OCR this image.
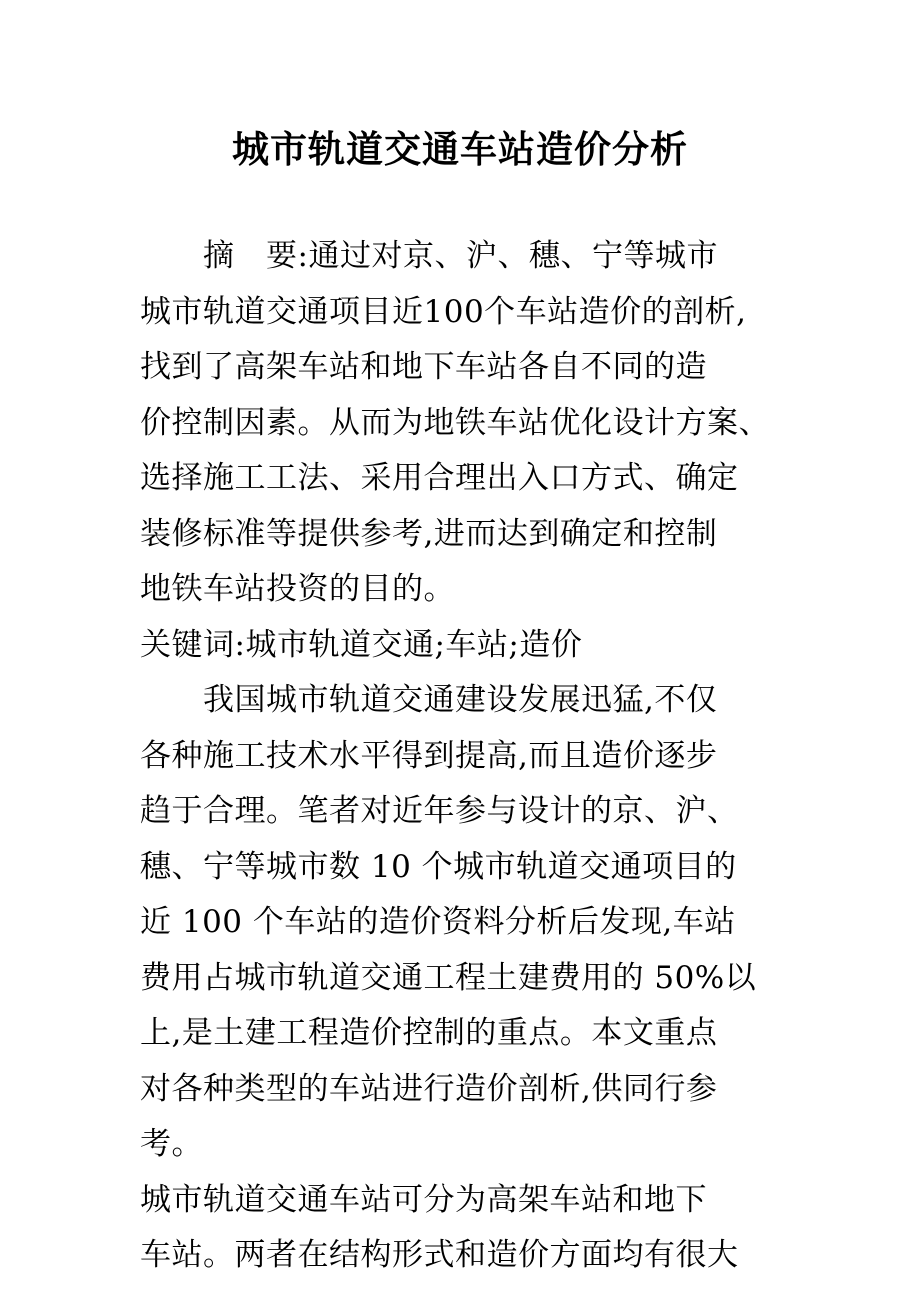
城市轨道交通车站造价分析
　　摘　要:通过对京、沪、穗、宁等城市
城市轨道交通项目近100个车站造价的剖析,
找到了高架车站和地下车站各自不同的造
价控制因素。从而为地铁车站优化设计方案、
选择施工工法、采用合理出入口方式、确定
装修标准等提供参考,进而达到确定和控制
地铁车站投资的目的。
关键词:城市轨道交通;车站;造价
　　我国城市轨道交通建设发展迅猛,不仅
各种施工技术水平得到提高,而且造价逐步
趋于合理。笔者对近年参与设计的京、沪、
穗、宁等城市数 10 个城市轨道交通项目的
近 100 个车站的造价资料分析后发现,车站
费用占城市轨道交通工程土建费用的 50%以
上,是土建工程造价控制的重点。本文重点
对各种类型的车站进行造价剖析,供同行参
考。
城市轨道交通车站可分为高架车站和地下
车站。两者在结构形式和造价方面均有很大
